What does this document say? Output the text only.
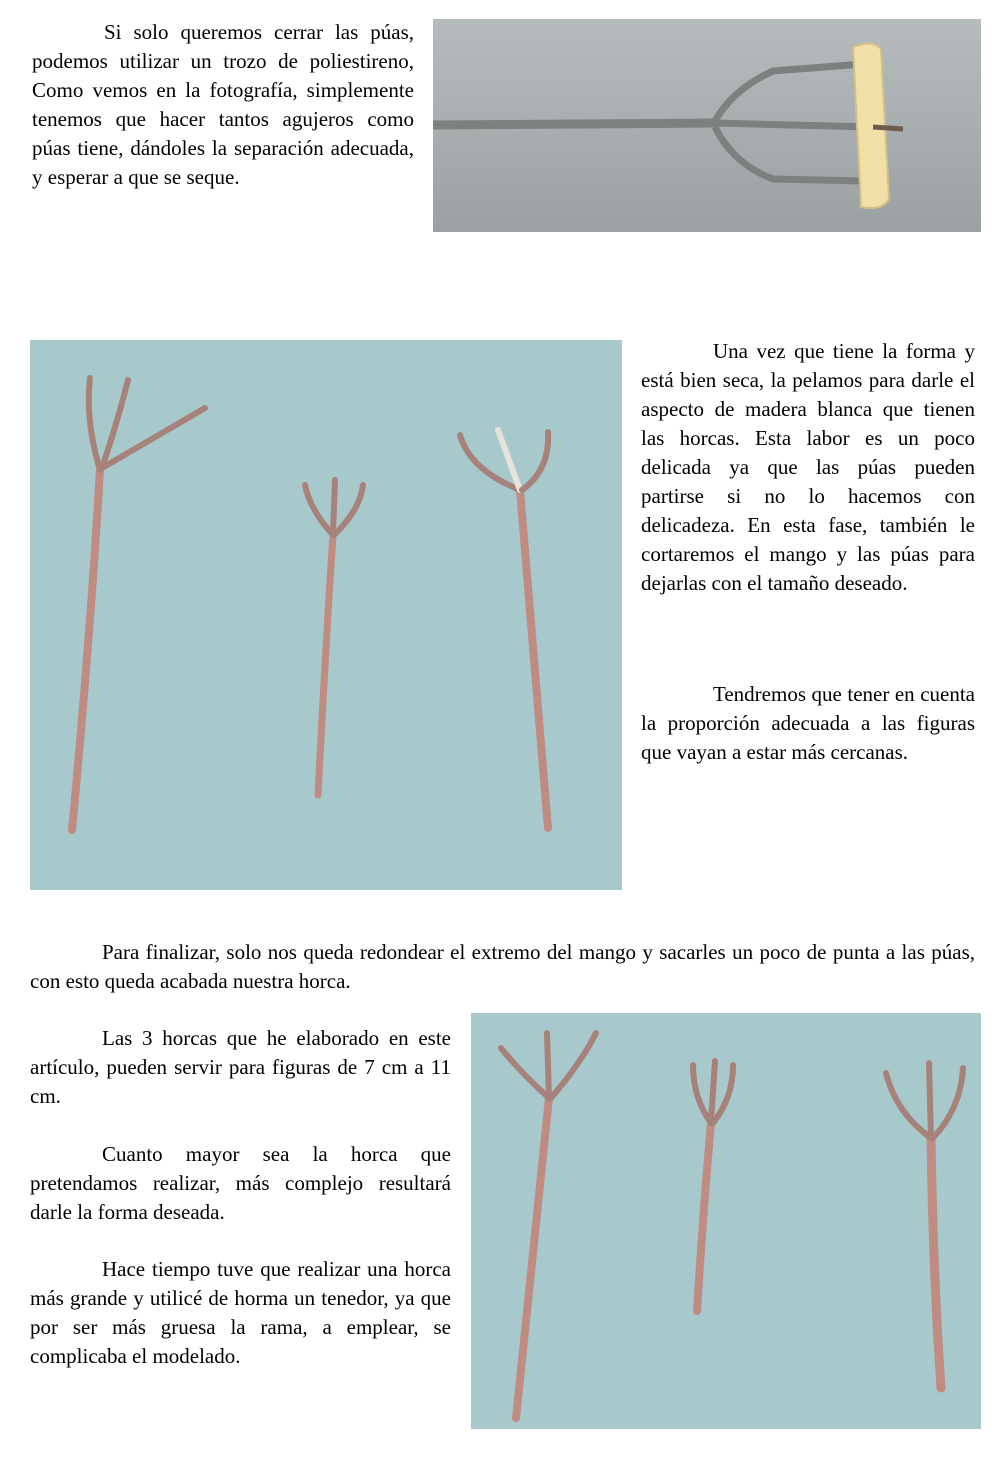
Si solo queremos cerrar las púas, podemos utilizar un trozo de poliestireno, Como vemos en la fotografía, simplemente tenemos que hacer tantos agujeros como púas tiene, dándoles la separación adecuada, y esperar a que se seque.

Una vez que tiene la forma y está bien seca, la pelamos para darle el aspecto de madera blanca que tienen las horcas. Esta labor es un poco delicada ya que las púas pueden partirse si no lo hacemos con delicadeza. En esta fase, también le cortaremos el mango y las púas para dejarlas con el tamaño deseado.

Tendremos que tener en cuenta la proporción adecuada a las figuras que vayan a estar más cercanas.

Para finalizar, solo nos queda redondear el extremo del mango y sacarles un poco de punta a las púas, con esto queda acabada nuestra horca.

Las 3 horcas que he elaborado en este artículo, pueden servir para figuras de 7 cm a 11 cm.

Cuanto mayor sea la horca que pretendamos realizar, más complejo resultará darle la forma deseada.

Hace tiempo tuve que realizar una horca más grande y utilicé de horma un tenedor, ya que por ser más gruesa la rama, a emplear, se complicaba el modelado.
